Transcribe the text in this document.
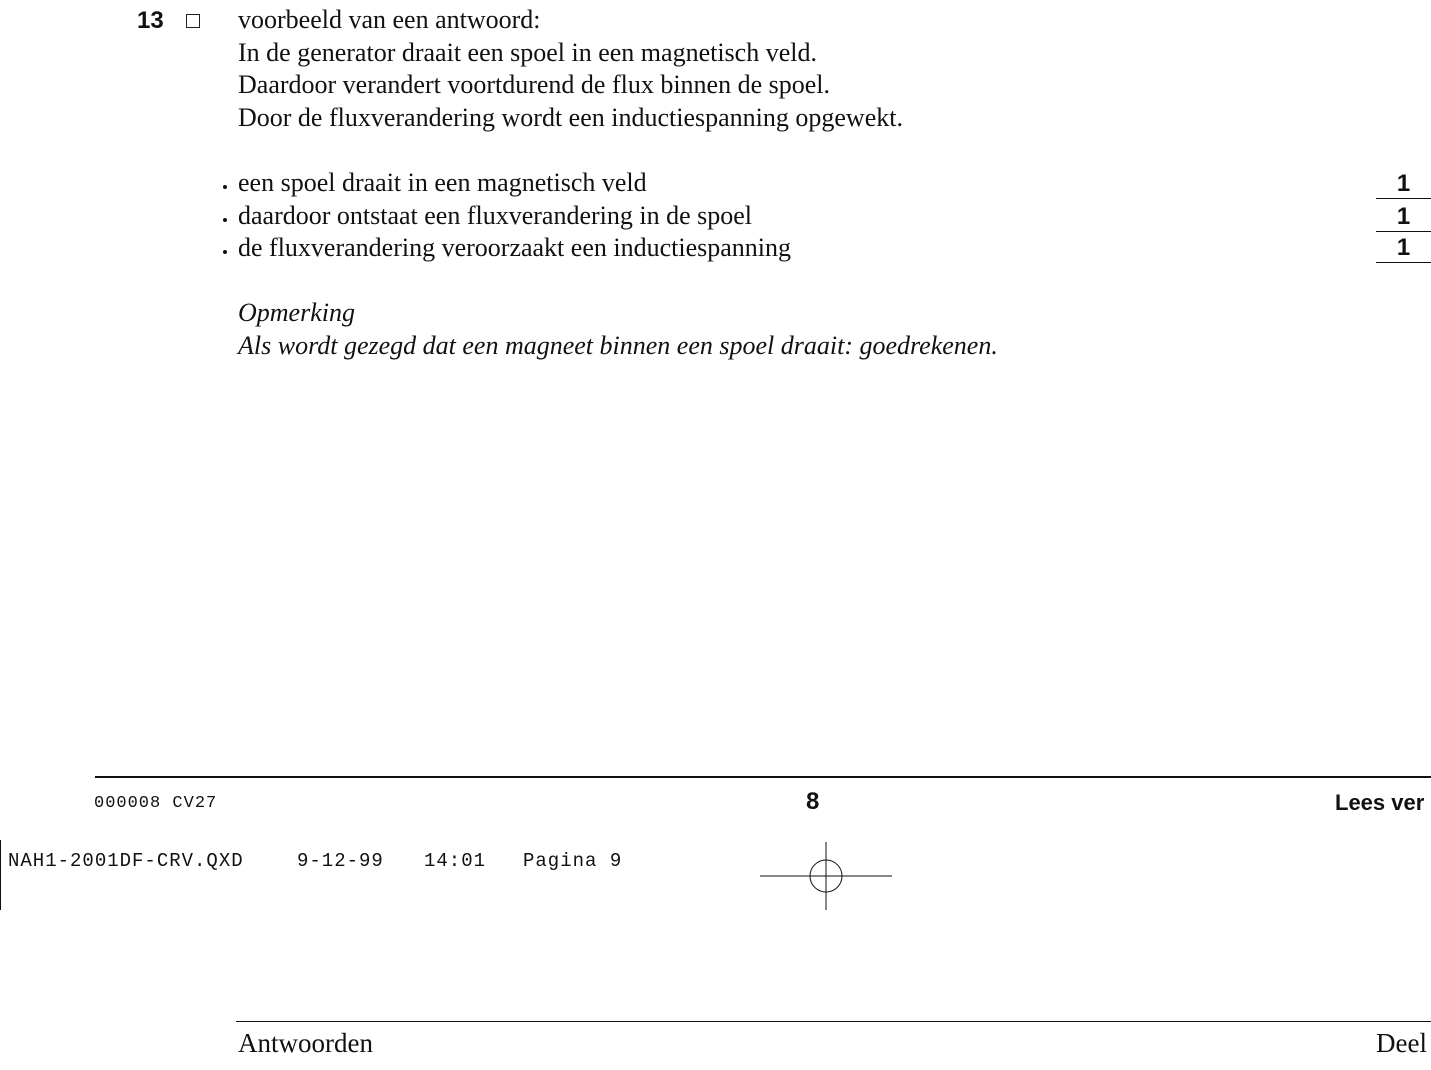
13	voorbeeld van een antwoord:
In de generator draait een spoel in een magnetisch veld.
Daardoor verandert voortdurend de flux binnen de spoel.
Door de fluxverandering wordt een inductiespanning opgewekt.
een spoel draait in een magnetisch veld	1
daardoor ontstaat een fluxverandering in de spoel	1
de fluxverandering veroorzaakt een inductiespanning	1
Opmerking
Als wordt gezegd dat een magneet binnen een spoel draait: goedrekenen.
000008 CV27	8	Lees ver
NAH1-2001DF-CRV.QXD	9-12-99 14:01 Pagina 9
Antwoorden	Deel
